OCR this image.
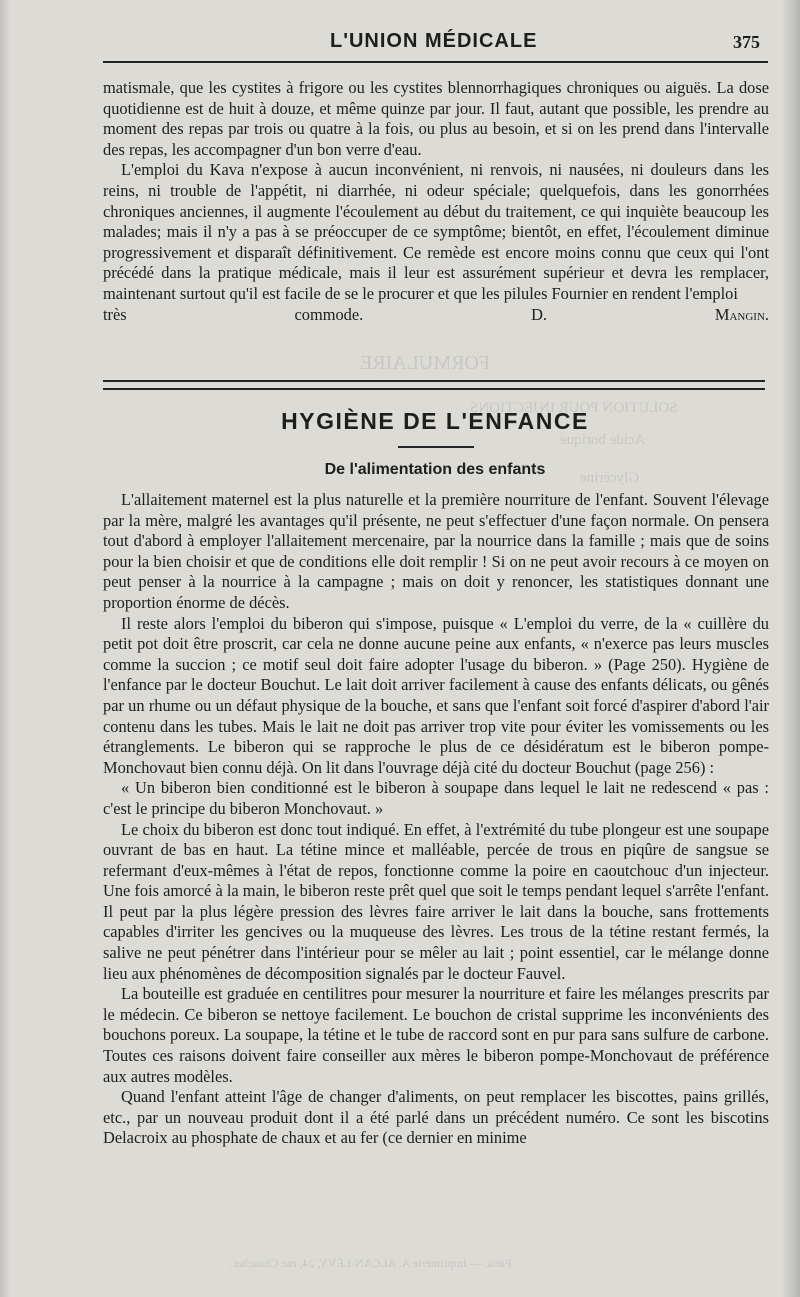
FORMULAIRE
SOLUTION POUR INJECTIONS
Acide borique
Glycérine
Paris. — Imprimerie A. ALCAN-LÉVY, 24, rue Chauchat.
L'UNION MÉDICALE	375

matismale, que les cystites à frigore ou les cystites blennorrhagiques chroniques ou aiguës. La dose quotidienne est de huit à douze, et même quinze par jour. Il faut, autant que possible, les prendre au moment des repas par trois ou quatre à la fois, ou plus au besoin, et si on les prend dans l'intervalle des repas, les accompagner d'un bon verre d'eau.

L'emploi du Kava n'expose à aucun inconvénient, ni renvois, ni nausées, ni douleurs dans les reins, ni trouble de l'appétit, ni diarrhée, ni odeur spéciale; quelquefois, dans les gonorrhées chroniques anciennes, il augmente l'écoulement au début du traitement, ce qui inquiète beaucoup les malades; mais il n'y a pas à se préoccuper de ce symptôme; bientôt, en effet, l'écoulement diminue progressivement et disparaît définitivement. Ce remède est encore moins connu que ceux qui l'ont précédé dans la pratique médicale, mais il leur est assurément supérieur et devra les remplacer, maintenant surtout qu'il est facile de se le procurer et que les pilules Fournier en rendent l'emploi

très commode.	D. Mangin.
HYGIÈNE DE L'ENFANCE
De l'alimentation des enfants

L'allaitement maternel est la plus naturelle et la première nourriture de l'enfant. Souvent l'élevage par la mère, malgré les avantages qu'il présente, ne peut s'effectuer d'une façon normale. On pensera tout d'abord à employer l'allaitement mercenaire, par la nourrice dans la famille ; mais que de soins pour la bien choisir et que de conditions elle doit remplir ! Si on ne peut avoir recours à ce moyen on peut penser à la nourrice à la campagne ; mais on doit y renoncer, les statistiques donnant une proportion énorme de décès.

Il reste alors l'emploi du biberon qui s'impose, puisque « L'emploi du verre, de la « cuillère du petit pot doit être proscrit, car cela ne donne aucune peine aux enfants, « n'exerce pas leurs muscles comme la succion ; ce motif seul doit faire adopter l'usage du biberon. » (Page 250). Hygiène de l'enfance par le docteur Bouchut. Le lait doit arriver facilement à cause des enfants délicats, ou gênés par un rhume ou un défaut physique de la bouche, et sans que l'enfant soit forcé d'aspirer d'abord l'air contenu dans les tubes. Mais le lait ne doit pas arriver trop vite pour éviter les vomissements ou les étranglements. Le biberon qui se rapproche le plus de ce désidératum est le biberon pompe-Monchovaut bien connu déjà. On lit dans l'ouvrage déjà cité du docteur Bouchut (page 256) :

« Un biberon bien conditionné est le biberon à soupape dans lequel le lait ne redescend « pas : c'est le principe du biberon Monchovaut. »

Le choix du biberon est donc tout indiqué. En effet, à l'extrémité du tube plongeur est une soupape ouvrant de bas en haut. La tétine mince et malléable, percée de trous en piqûre de sangsue se refermant d'eux-mêmes à l'état de repos, fonctionne comme la poire en caoutchouc d'un injecteur. Une fois amorcé à la main, le biberon reste prêt quel que soit le temps pendant lequel s'arrête l'enfant. Il peut par la plus légère pression des lèvres faire arriver le lait dans la bouche, sans frottements capables d'irriter les gencives ou la muqueuse des lèvres. Les trous de la tétine restant fermés, la salive ne peut pénétrer dans l'intérieur pour se mêler au lait ; point essentiel, car le mélange donne lieu aux phénomènes de décomposition signalés par le docteur Fauvel.

La bouteille est graduée en centilitres pour mesurer la nourriture et faire les mélanges prescrits par le médecin. Ce biberon se nettoye facilement. Le bouchon de cristal supprime les inconvénients des bouchons poreux. La soupape, la tétine et le tube de raccord sont en pur para sans sulfure de carbone. Toutes ces raisons doivent faire conseiller aux mères le biberon pompe-Monchovaut de préférence aux autres modèles.

Quand l'enfant atteint l'âge de changer d'aliments, on peut remplacer les biscottes, pains grillés, etc., par un nouveau produit dont il a été parlé dans un précédent numéro. Ce sont les biscotins Delacroix au phosphate de chaux et au fer (ce dernier en minime
